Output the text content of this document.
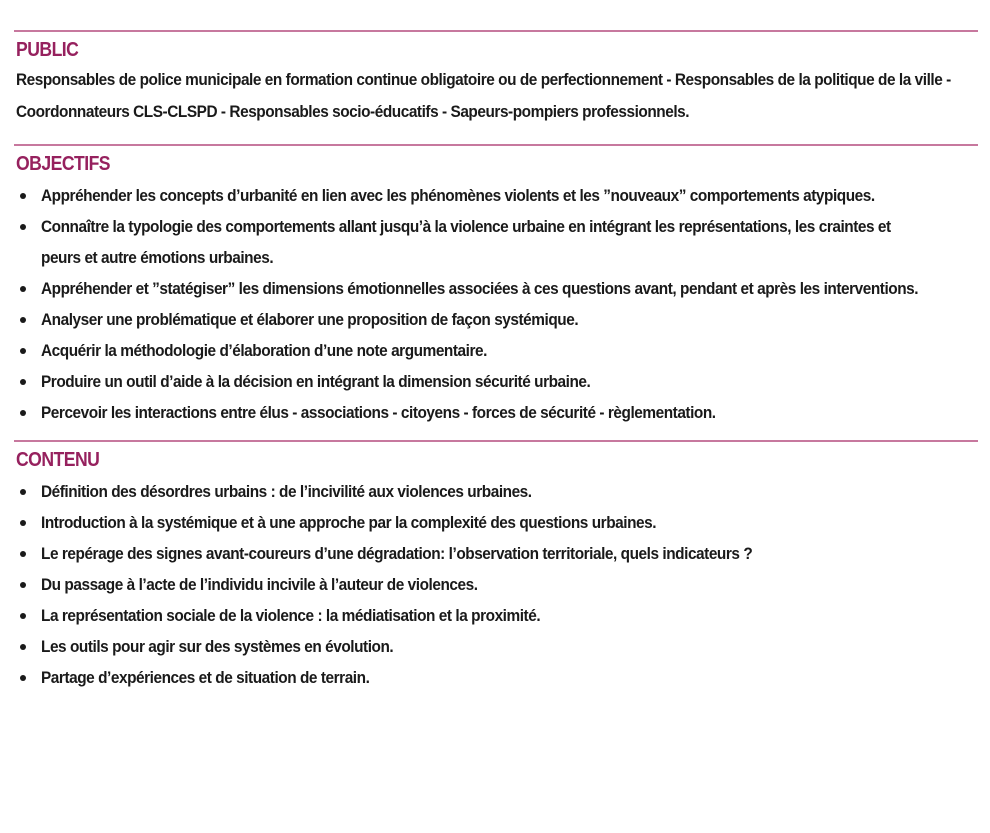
PUBLIC
Responsables de police municipale en formation continue obligatoire ou de perfectionnement - Responsables de la politique de la ville - Coordonnateurs CLS-CLSPD - Responsables socio-éducatifs - Sapeurs-pompiers professionnels.
OBJECTIFS
Appréhender les concepts d’urbanité en lien avec les phénomènes violents et les ”nouveaux” comportements atypiques.
Connaître la typologie des comportements allant jusqu’à la violence urbaine en intégrant les représentations, les craintes et peurs et autre émotions urbaines.
Appréhender et ”statégiser” les dimensions émotionnelles associées à ces questions avant, pendant et après les interventions.
Analyser une problématique et élaborer une proposition de façon systémique.
Acquérir la méthodologie d’élaboration d’une note argumentaire.
Produire un outil d’aide à la décision en intégrant la dimension sécurité urbaine.
Percevoir les interactions entre élus - associations - citoyens - forces de sécurité - règlementation.
CONTENU
Définition des désordres urbains : de l’incivilité aux violences urbaines.
Introduction à la systémique et à une approche par la complexité des questions urbaines.
Le repérage des signes avant-coureurs d’une dégradation: l’observation territoriale, quels indicateurs ?
Du passage à l’acte de l’individu incivile à l’auteur de violences.
La représentation sociale de la violence : la médiatisation et la proximité.
Les outils pour agir sur des systèmes en évolution.
Partage d’expériences et de situation de terrain.
